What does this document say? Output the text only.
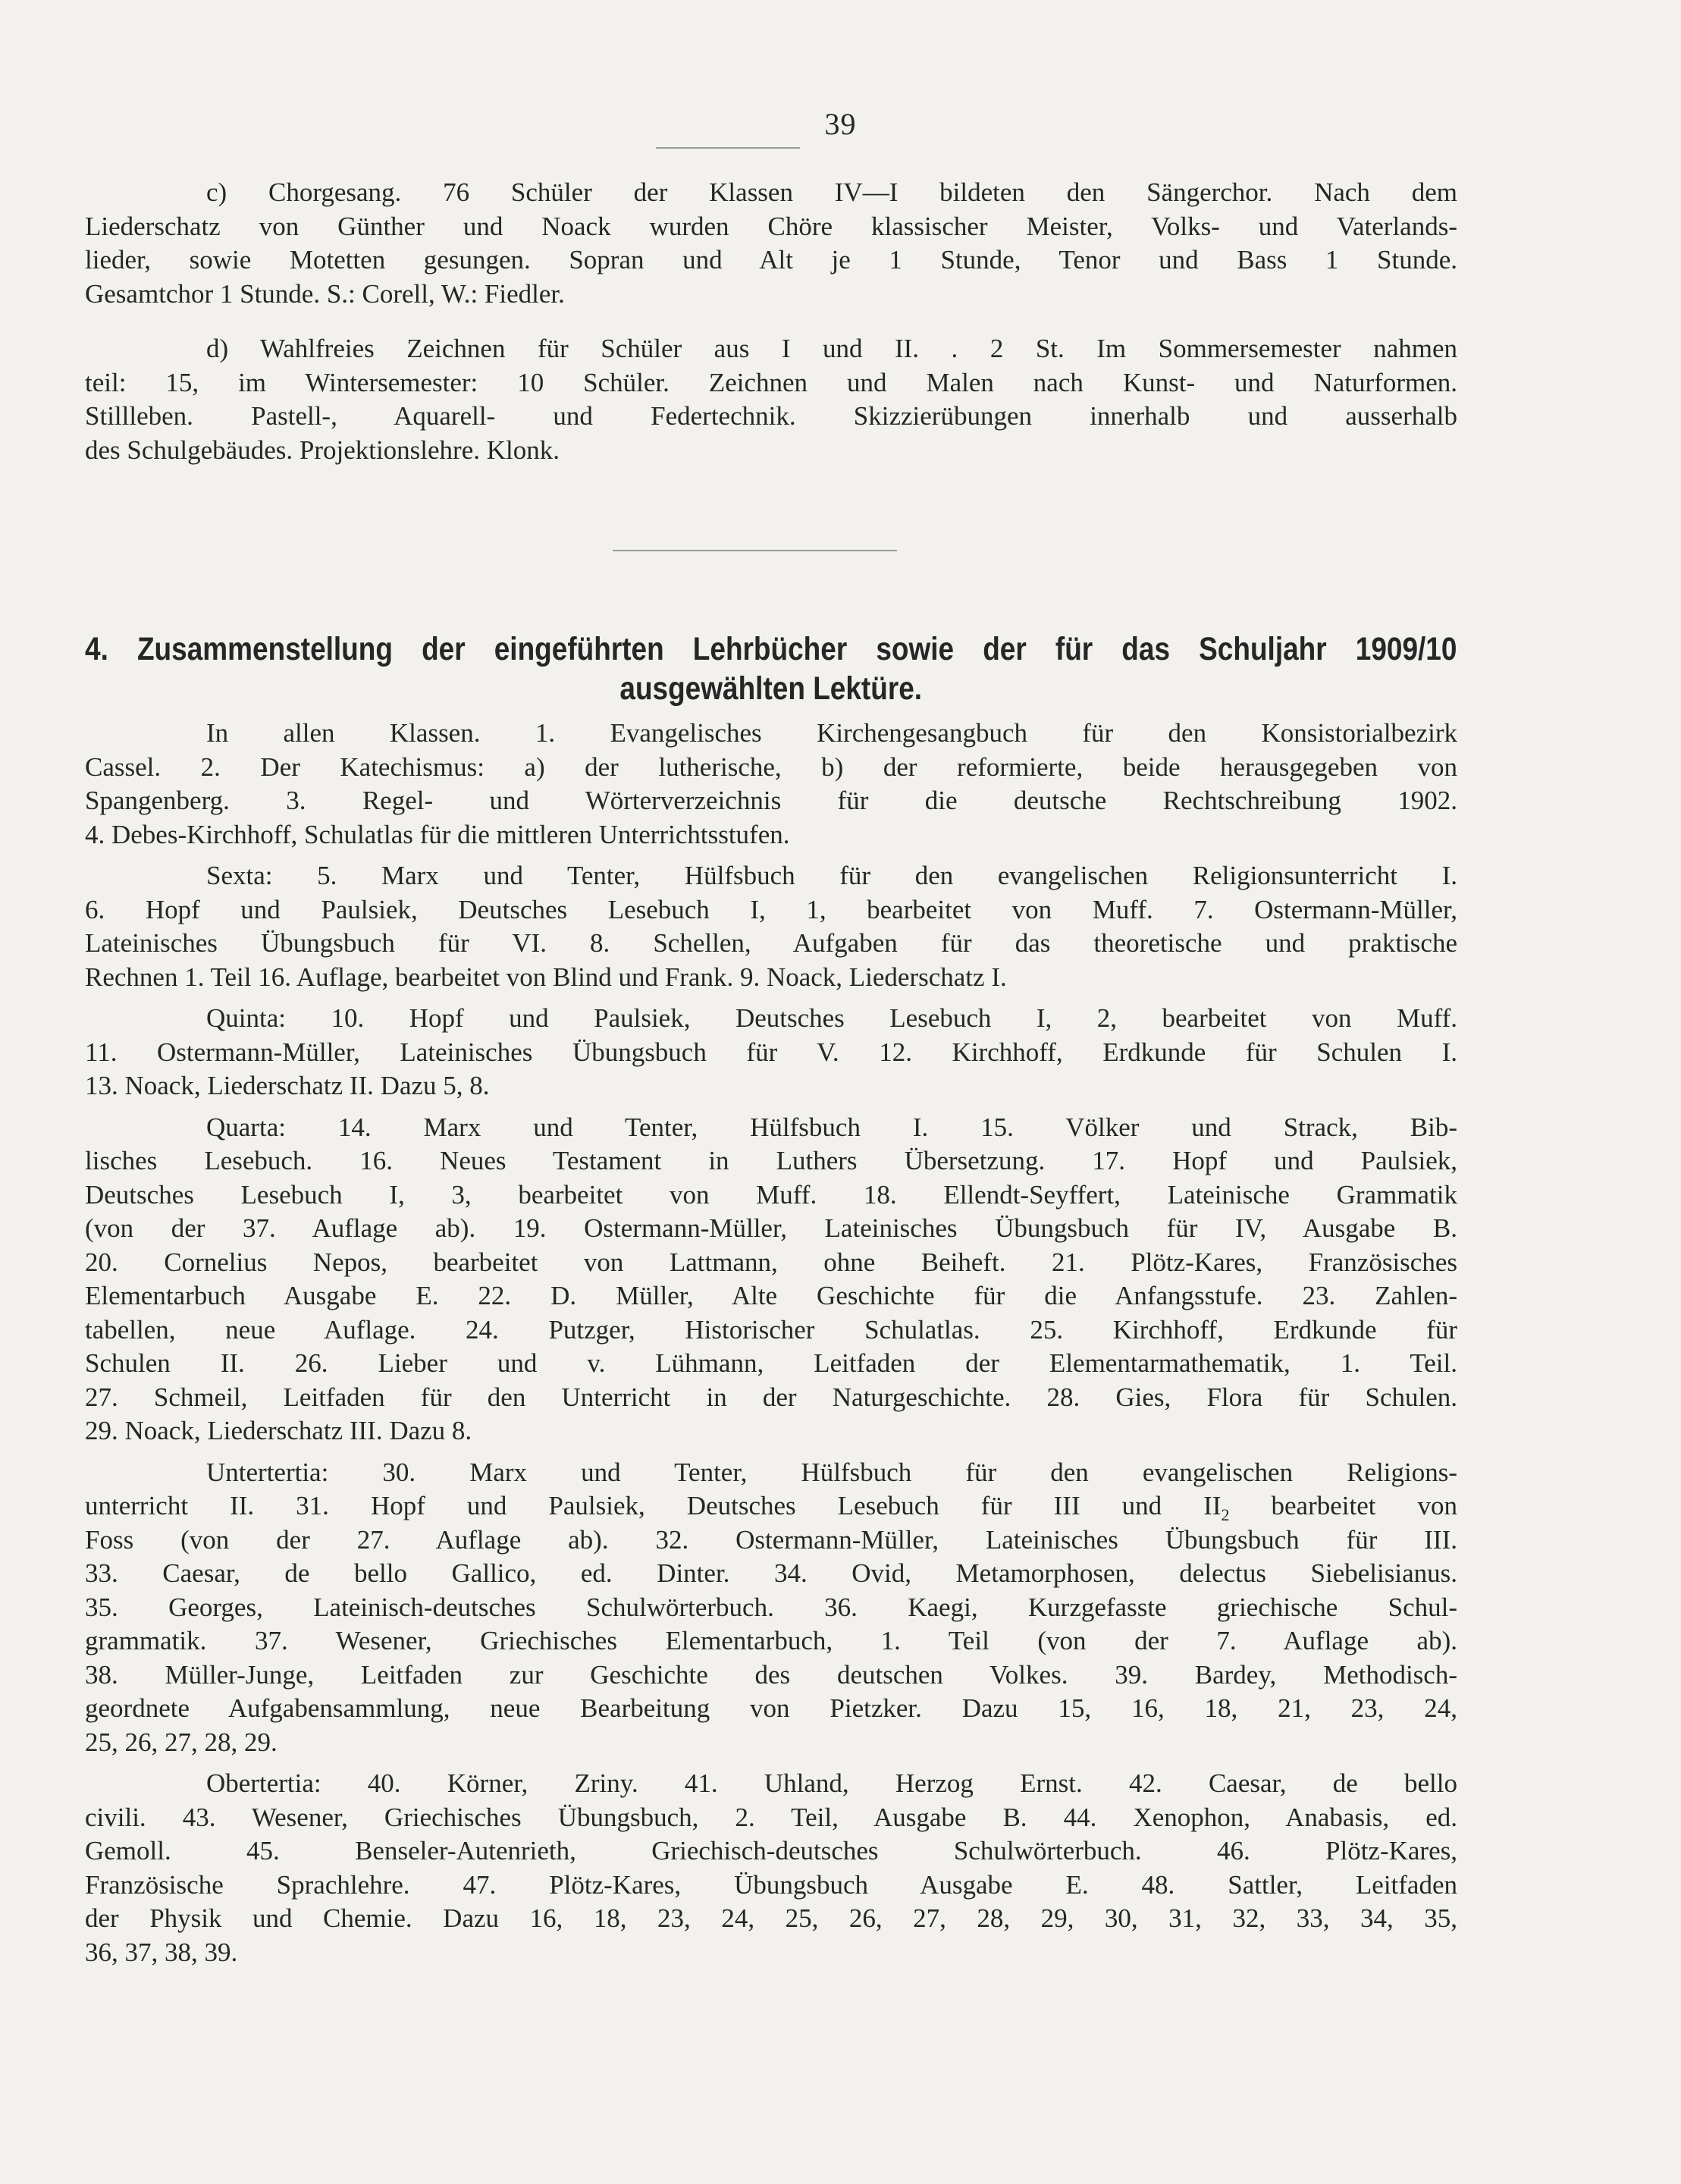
39

c) Chorgesang. 76 Schüler der Klassen IV—I bildeten den Sängerchor. Nach dem
Liederschatz von Günther und Noack wurden Chöre klassischer Meister, Volks- und Vaterlands-
lieder, sowie Motetten gesungen. Sopran und Alt je 1 Stunde, Tenor und Bass 1 Stunde.
Gesamtchor 1 Stunde. S.: Corell, W.: Fiedler.

d) Wahlfreies Zeichnen für Schüler aus I und II. . 2 St. Im Sommersemester nahmen
teil: 15, im Wintersemester: 10 Schüler. Zeichnen und Malen nach Kunst- und Naturformen.
Stillleben. Pastell-, Aquarell- und Federtechnik. Skizzierübungen innerhalb und ausserhalb
des Schulgebäudes. Projektionslehre. Klonk.

4. Zusammenstellung der eingeführten Lehrbücher sowie der für das Schuljahr 1909/10
ausgewählten Lektüre.

In allen Klassen. 1. Evangelisches Kirchengesangbuch für den Konsistorialbezirk
Cassel. 2. Der Katechismus: a) der lutherische, b) der reformierte, beide herausgegeben von
Spangenberg. 3. Regel- und Wörterverzeichnis für die deutsche Rechtschreibung 1902.
4. Debes-Kirchhoff, Schulatlas für die mittleren Unterrichtsstufen.

Sexta: 5. Marx und Tenter, Hülfsbuch für den evangelischen Religionsunterricht I.
6. Hopf und Paulsiek, Deutsches Lesebuch I, 1, bearbeitet von Muff. 7. Ostermann-Müller,
Lateinisches Übungsbuch für VI. 8. Schellen, Aufgaben für das theoretische und praktische
Rechnen 1. Teil 16. Auflage, bearbeitet von Blind und Frank. 9. Noack, Liederschatz I.

Quinta: 10. Hopf und Paulsiek, Deutsches Lesebuch I, 2, bearbeitet von Muff.
11. Ostermann-Müller, Lateinisches Übungsbuch für V. 12. Kirchhoff, Erdkunde für Schulen I.
13. Noack, Liederschatz II. Dazu 5, 8.

Quarta: 14. Marx und Tenter, Hülfsbuch I. 15. Völker und Strack, Bib-
lisches Lesebuch. 16. Neues Testament in Luthers Übersetzung. 17. Hopf und Paulsiek,
Deutsches Lesebuch I, 3, bearbeitet von Muff. 18. Ellendt-Seyffert, Lateinische Grammatik
(von der 37. Auflage ab). 19. Ostermann-Müller, Lateinisches Übungsbuch für IV, Ausgabe B.
20. Cornelius Nepos, bearbeitet von Lattmann, ohne Beiheft. 21. Plötz-Kares, Französisches
Elementarbuch Ausgabe E. 22. D. Müller, Alte Geschichte für die Anfangsstufe. 23. Zahlen-
tabellen, neue Auflage. 24. Putzger, Historischer Schulatlas. 25. Kirchhoff, Erdkunde für
Schulen II. 26. Lieber und v. Lühmann, Leitfaden der Elementarmathematik, 1. Teil.
27. Schmeil, Leitfaden für den Unterricht in der Naturgeschichte. 28. Gies, Flora für Schulen.
29. Noack, Liederschatz III. Dazu 8.

Untertertia: 30. Marx und Tenter, Hülfsbuch für den evangelischen Religions-
unterricht II. 31. Hopf und Paulsiek, Deutsches Lesebuch für III und $II_2$ bearbeitet von
Foss (von der 27. Auflage ab). 32. Ostermann-Müller, Lateinisches Übungsbuch für III.
33. Caesar, de bello Gallico, ed. Dinter. 34. Ovid, Metamorphosen, delectus Siebelisianus.
35. Georges, Lateinisch-deutsches Schulwörterbuch. 36. Kaegi, Kurzgefasste griechische Schul-
grammatik. 37. Wesener, Griechisches Elementarbuch, 1. Teil (von der 7. Auflage ab).
38. Müller-Junge, Leitfaden zur Geschichte des deutschen Volkes. 39. Bardey, Methodisch-
geordnete Aufgabensammlung, neue Bearbeitung von Pietzker. Dazu 15, 16, 18, 21, 23, 24,
25, 26, 27, 28, 29.

Obertertia: 40. Körner, Zriny. 41. Uhland, Herzog Ernst. 42. Caesar, de bello
civili. 43. Wesener, Griechisches Übungsbuch, 2. Teil, Ausgabe B. 44. Xenophon, Anabasis, ed.
Gemoll. 45. Benseler-Autenrieth, Griechisch-deutsches Schulwörterbuch. 46. Plötz-Kares,
Französische Sprachlehre. 47. Plötz-Kares, Übungsbuch Ausgabe E. 48. Sattler, Leitfaden
der Physik und Chemie. Dazu 16, 18, 23, 24, 25, 26, 27, 28, 29, 30, 31, 32, 33, 34, 35,
36, 37, 38, 39.
